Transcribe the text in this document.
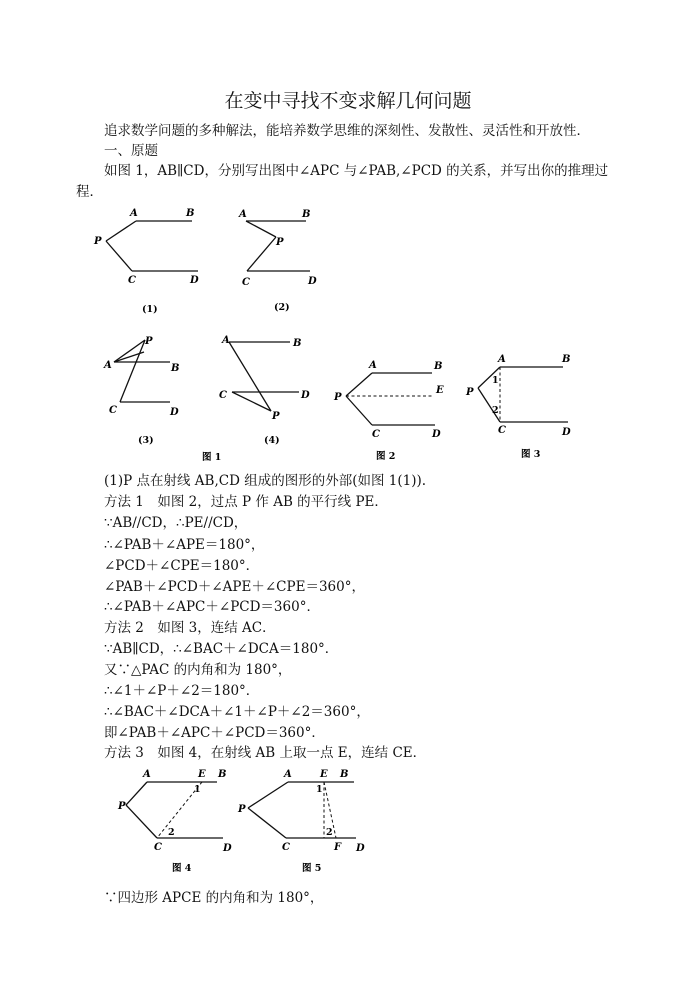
在变中寻找不变求解几何问题
追求数学问题的多种解法，能培养数学思维的深刻性、发散性、灵活性和开放性．
一、原题
如图 1，AB∥CD，分别写出图中∠APC 与∠PAB,∠PCD 的关系，并写出你的推理过
程．
A	B
P
C	D
(1)
A	B
P
C	D
(2)
A	B
P
C	D
(3)
A	B
C	D
P
(4)
图 1
A	B
P
E
C	D
图 2
A	B
P
C	D
1
2
图 3
(1)P 点在射线 AB,CD 组成的图形的外部(如图 1(1)).
方法 1　如图 2，过点 P 作 AB 的平行线 PE．
∵AB//CD，∴PE//CD，
∴∠PAB＋∠APE＝180°，
∠PCD＋∠CPE＝180°．
∠PAB＋∠PCD＋∠APE＋∠CPE＝360°，
∴∠PAB＋∠APC＋∠PCD＝360°．
方法 2　如图 3，连结 AC．
∵AB∥CD，∴∠BAC＋∠DCA＝180°．
又∵△PAC 的内角和为 180°，
∴∠1＋∠P＋∠2＝180°．
∴∠BAC＋∠DCA＋∠1＋∠P＋∠2＝360°，
即∠PAB＋∠APC＋∠PCD＝360°．
方法 3　如图 4，在射线 AB 上取一点 E，连结 CE．
A	E B
P
C	D
1
2
图 4
A	E B
P
C	F D
1
2
图 5
∵四边形 APCE 的内角和为 180°，
